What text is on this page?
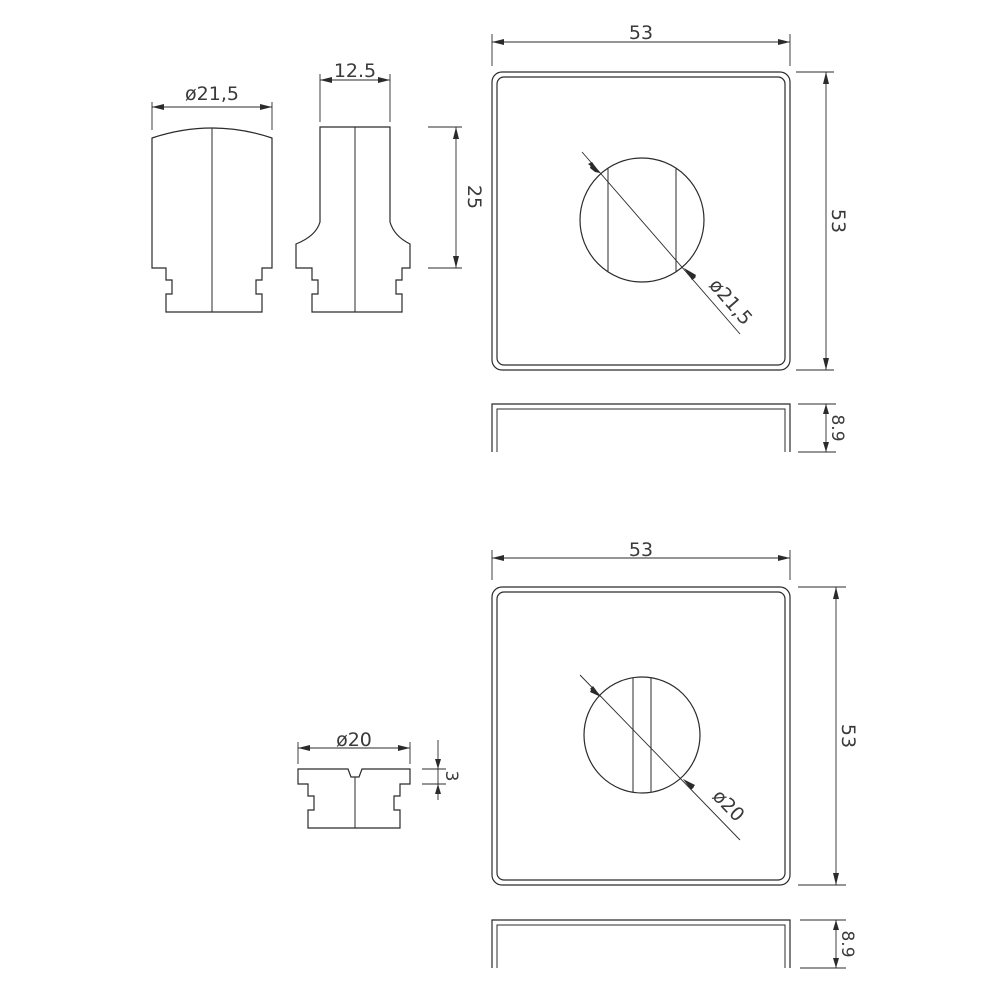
ø21,5
12.5
25
ø21,5
53
53
8.9
ø20
3
ø20
53
53
8.9
